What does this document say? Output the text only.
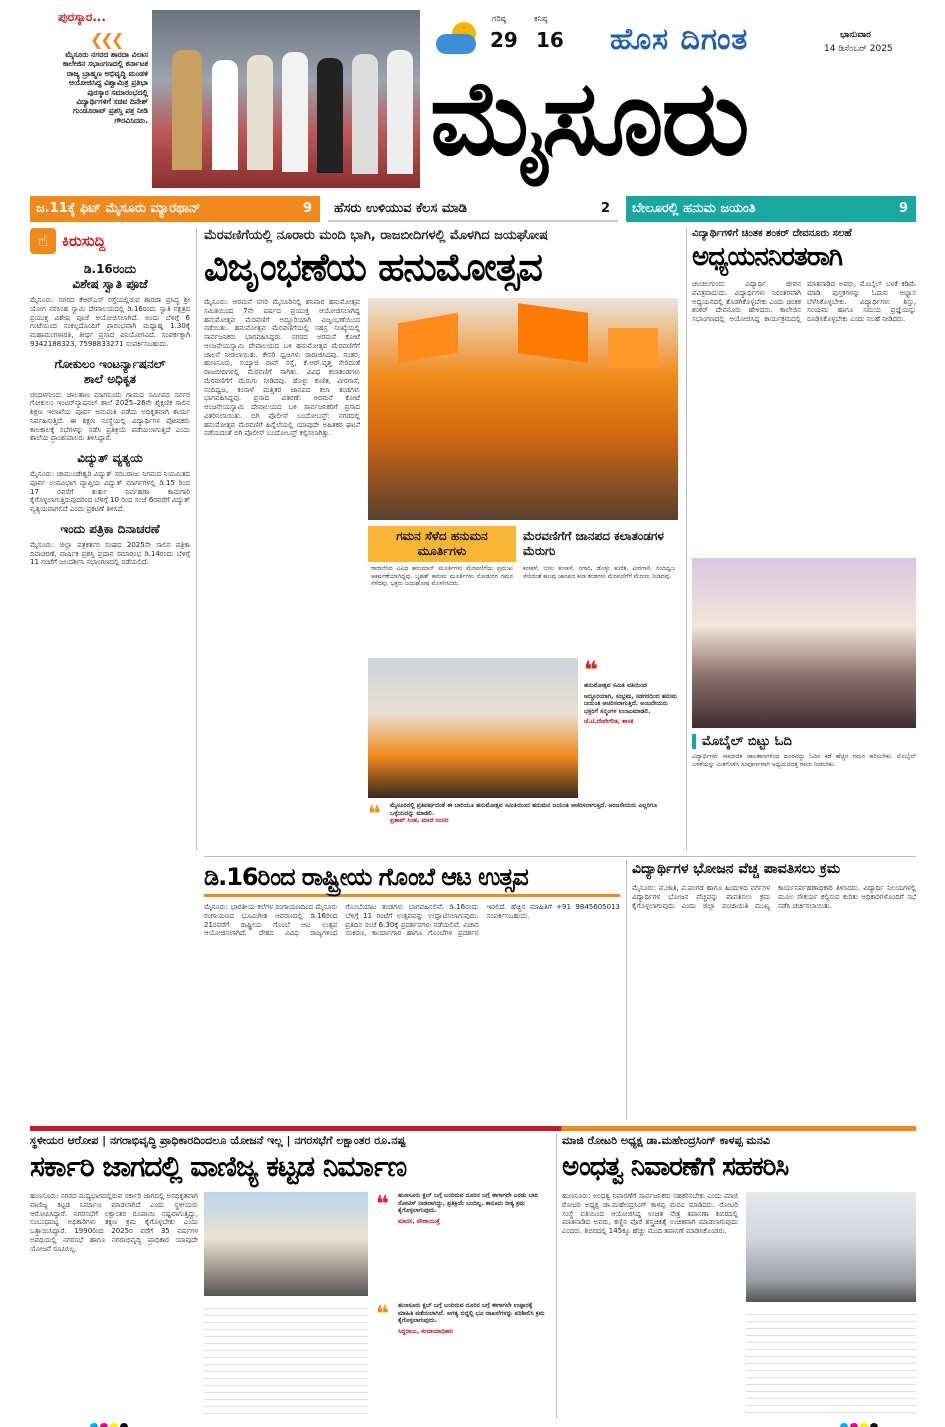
ಪುರಸ್ಕಾರ...
❮❮❮
ಮೈಸೂರು ನಗರದ ಶಾರದಾ ವಿಲಾಸ ಕಾಲೇಜಿನ ಸಭಾಂಗಣದಲ್ಲಿ ಕರ್ನಾಟಕ ರಾಜ್ಯ ಬ್ರಾಹ್ಮಣ ಅಭಿವೃದ್ಧಿ ಮಂಡಳಿ ಆಯೋಜಿಸಿದ್ದ ವಿಶ್ವಾಮಿತ್ರ ಪ್ರತಿಭಾ ಪುರಸ್ಕಾರ ಸಮಾರಂಭದಲ್ಲಿ ವಿದ್ಯಾರ್ಥಿಗಳಿಗೆ ಸಚಿವ ದಿನೇಶ್ ಗುಂಡೂರಾವ್ ಪ್ರಶಸ್ತಿ ಪತ್ರ ನೀಡಿ ಗೌರವಿಸಿದರು.
ಗರಿಷ್ಠ
29
ಕನಿಷ್ಠ
16 ಹೊಸ ದಿಗಂತ	ಭಾನುವಾರ
14 ಡಿಸೆಂಬರ್ 2025
ಮೈಸೂರು
ಜ.11ಕ್ಕೆ ಫಿಟ್ ಮೈಸೂರು ಮ್ಯಾರಥಾನ್	9	ಹೆಸರು ಉಳಿಯುವ ಕೆಲಸ ಮಾಡಿ	2	ಬೇಲೂರಲ್ಲಿ ಹನುಮ ಜಯಂತಿ	9
☝ ಕಿರುಸುದ್ದಿ
ಡಿ.16ರಂದು
ವಿಶೇಷ ಸ್ವಾತಿ ಪೂಜೆ
ಮೈಸೂರು: ನಗರದ ಕೆಆರ್‌ಎಸ್ ರಸ್ತೆಯಲ್ಲಿರುವ ಶಾರದಾ ಪ್ರಸಿದ್ಧ ಶ್ರೀ ಯೋಗ ನರಸಿಂಹ ಸ್ವಾಮಿ ದೇವಾಲಯದಲ್ಲಿ ಡಿ.16ರಂದು ಸ್ವಾತಿ ನಕ್ಷತ್ರದ ಪ್ರಯುಕ್ತ ವಿಶೇಷ ಪೂಜೆ ಆಯೋಜಿಸಲಾಗಿದೆ. ಅಂದು ಬೆಳಿಗ್ಗೆ 6 ಗಂಟೆಯಿಂದ ಸಂಕಲ್ಪದೊಂದಿಗೆ ಪ್ರಾರಂಭವಾಗಿ ಮಧ್ಯಾಹ್ನ 1.30ಕ್ಕೆ ಮಹಾಮಂಗಳಾರತಿ, ತೀರ್ಥ ಪ್ರಸಾದ ವಿನಿಯೋಗವಿದೆ. ಸಂಪರ್ಕಕ್ಕಾಗಿ 9342188323, 7598833271 ಸಂಪರ್ಕಿಸಬಹುದು.
ಗೋಕುಲಂ ಇಂಟರ್ನ್ಯಾಷನಲ್
ಶಾಲೆ ಅಧಿಕೃತ
ಚಂದಳಗುಂದ: ಜಾಲತಾಣ ಮಾಗನೂರು ಗ್ರಾಮದ ಸಮೀಪದ ಸರ್ವರ ಗೋಕುಲಂ ಇಂಟರ್‌ನ್ಯಾಷನಲ್ ಶಾಲೆ 2025–26ನೇ ಶೈಕ್ಷಣಿಕ ಸಾಲಿನ ಶಿಕ್ಷಣ ಇಲಾಖೆಯ ಪೂರ್ವ ಅನುಮತಿ ಪಡೆದು ಅಧಿಕೃತವಾಗಿ ಕಾರ್ಯ ನಿರ್ವಹಿಸುತ್ತಿದೆ. ಈ ಶಿಕ್ಷಣ ಸಂಸ್ಥೆಯಲ್ಲಿ ವಿದ್ಯಾರ್ಥಿಗಳ ಪೋಷಕರು ಕಾಲಕಾಲಕ್ಕೆ ಸಭೆಗಳನ್ನು ನಡೆಸಿ ಪ್ರತಿಕ್ರಿಯೆ ಪಡೆಯಲಾಗುತ್ತಿದೆ ಎಂದು ಶಾಲೆಯ ಪ್ರಾಂಶುಪಾಲರು ತಿಳಿಸಿದ್ದಾರೆ.
ವಿದ್ಯುತ್ ವ್ಯತ್ಯಯ
ಮೈಸೂರು: ಚಾಮುಂಡೇಶ್ವರಿ ವಿದ್ಯುತ್ ಸರಬರಾಜು ನಿಗಮದ ನಿಯಮಿತದ ಪೂರ್ವ ಉಪವಿಭಾಗ ವ್ಯಾಪ್ತಿಯ ವಿದ್ಯುತ್ ಮಾರ್ಗಗಳಲ್ಲಿ ಡಿ.15 ರಿಂದ 17 ರವರೆಗೆ ತುರ್ತು ನಿರ್ವಹಣಾ ಕಾಮಗಾರಿ ಕೈಗೊಳ್ಳಲಾಗುತ್ತಿರುವುದರಿಂದ ಬೆಳಿಗ್ಗೆ 10 ರಿಂದ ಸಂಜೆ 6ರವರೆಗೆ ವಿದ್ಯುತ್ ವ್ಯತ್ಯಯವಾಗಲಿದೆ ಎಂದು ಪ್ರಕಟಣೆ ತಿಳಿಸಿದೆ.
ಇಂದು ಪತ್ರಿಕಾ ದಿನಾಚರಣೆ
ಮೈಸೂರು: ಜಿಲ್ಲಾ ಪತ್ರಕರ್ತರ ಸಂಘದ 2025ನೇ ಸಾಲಿನ ಪತ್ರಿಕಾ ದಿನಾಚರಣೆ, ವಾರ್ಷಿಕ ಪ್ರಶಸ್ತಿ ಪ್ರದಾನ ಸಮಾರಂಭ ಡಿ.14ರಂದು ಬೆಳಿಗ್ಗೆ 11 ಗಂಟೆಗೆ ಜಲದರ್ಶಿನಿ ಸಭಾಂಗಣದಲ್ಲಿ ನಡೆಯಲಿದೆ.
ಮೆರವಣಿಗೆಯಲ್ಲಿ ನೂರಾರು ಮಂದಿ ಭಾಗಿ, ರಾಜಬೀದಿಗಳಲ್ಲಿ ಮೊಳಗಿದ ಜಯಘೋಷ
ವಿಜೃಂಭಣೆಯ ಹನುಮೋತ್ಸವ
ಮೈಸೂರು: ಅರಮನೆ ನಗರಿ ಮೈಸೂರಿನಲ್ಲಿ ಶನಿವಾರ ಹನುಮೋತ್ಸವ ಸಮಿತಿಯಿಂದ 7ನೇ ವರ್ಷದ ಪ್ರಯುಕ್ತ ಆಯೋಜಿಸಲಾಗಿದ್ದ ಹನುಮೋತ್ಸವ ಮೆರವಣಿಗೆ ಅದ್ದೂರಿಯಾಗಿ ವಿಜೃಂಭಣೆಯಿಂದ ನಡೆಯಿತು. ಹನುಮೋತ್ಸವ ಮೆರವಣಿಗೆಯಲ್ಲಿ ಸಹಸ್ರ ಸಂಖ್ಯೆಯಲ್ಲಿ ಸಾರ್ವಜನಿಕರು ಭಾಗವಹಿಸಿದ್ದರು. ನಗರದ ಅರಮನೆ ಕೋಟೆ ಆಂಜನೇಯಸ್ವಾಮಿ ದೇವಾಲಯದ ಬಳಿ ಹನುಮೋತ್ಸವ ಮೆರವಣಿಗೆಗೆ ಚಾಲನೆ ನೀಡಲಾಯಿತು. ಕೇಸರಿ ಧ್ವಜಗಳು ರಾರಾಜಿಸಿದವು. ನಂತರ, ಹುಣಸೂರು, ಸಯ್ಯಾಜಿ ರಾವ್ ರಸ್ತೆ, ಕೆ.ಆರ್.ವೃತ್ತ ಸೇರಿದಂತೆ ರಾಜಬೀದಿಗಳಲ್ಲಿ ಮೆರವಣಿಗೆ ಸಾಗಿತು. ವಿವಿಧ ಕಲಾತಂಡಗಳು ಮೆರವಣಿಗೆಗೆ ಮೆರುಗು ನೀಡಿದವು. ಡೊಳ್ಳು ಕುಣಿತ, ವೀರಗಾಸೆ, ನಂದಿಧ್ವಜ, ಕಂಸಾಳೆ ಮತ್ತಿತರ ಜಾನಪದ ಕಲಾ ತಂಡಗಳು ಭಾಗವಹಿಸಿದ್ದವು. ಪ್ರಸಾದ ವಿತರಣೆ: ಅರಮನೆ ಕೋಟೆ ಆಂಜನೇಯಸ್ವಾಮಿ ದೇವಾಲಯದ ಬಳಿ ಸಾರ್ವಜನಿಕರಿಗೆ ಪ್ರಸಾದ ವಿತರಿಸಲಾಯಿತು. ಬಿಗಿ ಪೊಲೀಸ್ ಬಂದೋಬಸ್ತ್: ನಗರದಲ್ಲಿ ಹನುಮೋತ್ಸವ ಮೆರವಣಿಗೆ ಹಿನ್ನೆಲೆಯಲ್ಲಿ ಯಾವುದೇ ಅಹಿತಕರ ಘಟನೆ ನಡೆಯದಂತೆ ಬಿಗಿ ಪೊಲೀಸ್ ಬಂದೋಬಸ್ತ್ ಕಲ್ಪಿಸಲಾಗಿತ್ತು.
ಗಮನ ಸೆಳೆದ ಹನುಮನ ಮೂರ್ತಿಗಳು
ರಾರಾಜಿಸಿದ ವಿವಿಧ ಹನುಮಾನ್ ಮೂರ್ತಿಗಳು ಮೆರವಣಿಗೆಯ ಪ್ರಮುಖ ಆಕರ್ಷಣೆಯಾಗಿದ್ದವು. ಬೃಹತ್ ಹನುಮ ಮೂರ್ತಿಗಳು ನೋಡುಗರ ಗಮನ ಸೆಳೆದವು. ಭಕ್ತರು ಜಯಘೋಷ ಮೊಳಗಿಸಿದರು.
ಮೆರವಣಿಗೆಗೆ ಜಾನಪದ ಕಲಾತಂಡಗಳ ಮೆರುಗು
ಕಂಸಾಳೆ, ಬೀಸು ಕಂಸಾಳೆ, ನಗಾರಿ, ಡೊಳ್ಳು ಕುಣಿತ, ವೀರಗಾಸೆ, ನಂದಿಧ್ವಜ ಸೇರಿದಂತೆ ಹಲವು ಜಾನಪದ ಕಲಾ ತಂಡಗಳು ಮೆರವಣಿಗೆಗೆ ಮೆರುಗು ನೀಡಿದವು.
❝
ಹನುಮೋತ್ಸವ ಸಮಿತಿ ವತಿಯಿಂದ
ಅದ್ದೂರಿಯಾಗಿ, ಸಂಭ್ರಮ, ಸಡಗರದಿಂದ ಹನುಮ ಜಯಂತಿ ಆಚರಿಸಲಾಗುತ್ತಿದೆ. ಅಂಜನೇಯನು ಭಕ್ತರಿಗೆ ಸನ್ಮಂಗಳ ಉಂಟುಮಾಡಲಿ.
ಜೆ.ಟಿ.ದೇವೇಗೌಡ, ಶಾಸಕ
❝ ಮೈಸೂರಿನಲ್ಲಿ ಪ್ರತಿವರ್ಷದಂತೆ ಈ ಬಾರಿಯೂ ಹನುಮೋತ್ಸವ ಸಮಿತಿಯಿಂದ ಹನುಮನ ಜಯಂತಿ ಆಚರಿಸಲಾಗುತ್ತಿದೆ. ಅಂಜನೇಯನು ಎಲ್ಲರಿಗೂ ಒಳ್ಳೆಯದನ್ನು ಮಾಡಲಿ.
ಪ್ರತಾಪ್ ಸಿಂಹ, ಮಾಜಿ ಸಂಸದ
ವಿದ್ಯಾರ್ಥಿಗಳಿಗೆ ಚಿಂತಕ ಶಂಕರ್ ದೇವನೂರು ಸಲಹೆ
ಅಧ್ಯಯನನಿರತರಾಗಿ
ಚಂಚಲಗುಂದ: ವಿದ್ಯಾರ್ಥಿ ಜೀವನ ಪವಿತ್ರವಾದುದು. ವಿದ್ಯಾರ್ಥಿಗಳು ನಿರಂತರವಾಗಿ ಅಧ್ಯಯನದಲ್ಲಿ ತೊಡಗಿಕೊಳ್ಳಬೇಕು ಎಂದು ಚಿಂತಕ ಶಂಕರ್ ದೇವನೂರು ಹೇಳಿದರು. ಕಾಲೇಜಿನ ಸಭಾಂಗಣದಲ್ಲಿ ಆಯೋಜಿಸಿದ್ದ ಕಾರ್ಯಕ್ರಮದಲ್ಲಿ ಮಾತನಾಡಿದ ಅವರು, ಮೊಬೈಲ್ ಬಳಕೆ ಕಡಿಮೆ ಮಾಡಿ ಪುಸ್ತಕಗಳನ್ನು ಓದುವ ಅಭ್ಯಾಸ ಬೆಳೆಸಿಕೊಳ್ಳಬೇಕು. ವಿದ್ಯಾರ್ಥಿಗಳು ಶಿಸ್ತು, ಸಂಯಮ ಹಾಗೂ ಸಮಯ ಪ್ರಜ್ಞೆಯನ್ನು ರೂಢಿಸಿಕೊಳ್ಳಬೇಕು ಎಂದು ಸಲಹೆ ನೀಡಿದರು.
ಮೊಬೈಲ್ ಬಿಟ್ಟು ಓದಿ
ವಿದ್ಯಾರ್ಥಿಗಳು ಸಾಮಾಜಿಕ ಜಾಲತಾಣಗಳಿಂದ ದೂರವಿದ್ದು ಓದಿನ ಕಡೆ ಹೆಚ್ಚಿನ ಗಮನ ಹರಿಸಬೇಕು. ಮೊಬೈಲ್ ಬಳಕೆಯನ್ನು ಮಿತಗೊಳಿಸಿ ಸಂಪೂರ್ಣವಾಗಿ ಅಧ್ಯಯನದತ್ತ ಗಮನ ನೀಡಬೇಕು.
ಡಿ.16ರಿಂದ ರಾಷ್ಟ್ರೀಯ ಗೊಂಬೆ ಆಟ ಉತ್ಸವ
ಮೈಸೂರು: ಭಾರತೀಯ ಕಲೆಗಳ ರಂಗಾಯಣದಿಂದ ಮೈಸೂರು ರಂಗಾಯಣದ ಭೂಮಿಗೀತ ಆವರಣದಲ್ಲಿ ಡಿ.16ರಿಂದ 21ರವರೆಗೆ ರಾಷ್ಟ್ರೀಯ ಗೊಂಬೆ ಆಟ ಉತ್ಸವ ಆಯೋಜಿಸಲಾಗಿದೆ. ದೇಶದ ವಿವಿಧ ರಾಜ್ಯಗಳಿಂದ ಗೊಂಬೆಯಾಟ ತಂಡಗಳು ಭಾಗವಹಿಸಲಿವೆ. ಡಿ.16ರಂದು ಬೆಳಿಗ್ಗೆ 11 ಗಂಟೆಗೆ ಉತ್ಸವವನ್ನು ಉದ್ಘಾಟಿಸಲಾಗುವುದು. ಪ್ರತಿದಿನ ಸಂಜೆ 6.30ಕ್ಕೆ ಪ್ರದರ್ಶನಗಳು ನಡೆಯಲಿವೆ. ವಿಚಾರ ಸಂಕಿರಣ, ಕಾರ್ಯಾಗಾರ ಹಾಗೂ ಗೊಂಬೆಗಳ ಪ್ರದರ್ಶನ ಇರಲಿದೆ. ಹೆಚ್ಚಿನ ಮಾಹಿತಿಗೆ +91 9845605013 ಸಂಪರ್ಕಿಸಬಹುದು.
ವಿದ್ಯಾರ್ಥಿಗಳ ಭೋಜನ ವೆಚ್ಚ ಪಾವತಿಸಲು ಕ್ರಮ
ಮೈಸೂರು: ಪ.ಜಾತಿ, ಪ.ಪಂಗಡ ಹಾಗೂ ಹಿಂದುಳಿದ ವರ್ಗಗಳ ವಿದ್ಯಾರ್ಥಿಗಳ ಭೋಜನ ವೆಚ್ಚವನ್ನು ಪಾವತಿಸಲು ಕ್ರಮ ಕೈಗೊಳ್ಳಲಾಗುವುದು ಎಂದು ಜಿಲ್ಲಾ ಪಂಚಾಯಿತಿ ಮುಖ್ಯ ಕಾರ್ಯನಿರ್ವಹಣಾಧಿಕಾರಿ ತಿಳಿಸಿದರು. ವಿದ್ಯಾರ್ಥಿ ನಿಲಯಗಳಲ್ಲಿ ಮೂಲ ಸೌಕರ್ಯ ಕಲ್ಪಿಸುವ ಕುರಿತು ಅಧಿಕಾರಿಗಳೊಂದಿಗೆ ಸಭೆ ನಡೆಸಿ ಚರ್ಚಿಸಲಾಯಿತು.
ಸ್ಥಳೀಯರ ಆರೋಪ | ನಗರಾಭಿವೃದ್ಧಿ ಪ್ರಾಧಿಕಾರದಿಂದಲೂ ಯೋಜನೆ ಇಲ್ಲ | ನಗರಸಭೆಗೆ ಲಕ್ಷಾಂತರ ರೂ.ನಷ್ಟ
ಸರ್ಕಾರಿ ಜಾಗದಲ್ಲಿ ವಾಣಿಜ್ಯ ಕಟ್ಟಡ ನಿರ್ಮಾಣ
ಹುಣಸೂರು: ನಗರದ ಮಧ್ಯಭಾಗದಲ್ಲಿರುವ ಸರ್ಕಾರಿ ಜಾಗದಲ್ಲಿ ಅನಧಿಕೃತವಾಗಿ ವಾಣಿಜ್ಯ ಕಟ್ಟಡ ನಿರ್ಮಾಣ ಮಾಡಲಾಗಿದೆ ಎಂದು ಸ್ಥಳೀಯರು ಆರೋಪಿಸಿದ್ದಾರೆ. ನಗರಸಭೆಗೆ ಲಕ್ಷಾಂತರ ರೂಪಾಯಿ ನಷ್ಟವಾಗುತ್ತಿದ್ದು, ಸಂಬಂಧಪಟ್ಟ ಅಧಿಕಾರಿಗಳು ತಕ್ಷಣ ಕ್ರಮ ಕೈಗೊಳ್ಳಬೇಕು ಎಂದು ಒತ್ತಾಯಿಸಿದ್ದಾರೆ. 1990ರಿಂದ 2025ರ ವರೆಗೆ 35 ವರ್ಷಗಳ ಅವಧಿಯಲ್ಲಿ ನಗರಸಭೆ ಹಾಗೂ ನಗರಾಭಿವೃದ್ಧಿ ಪ್ರಾಧಿಕಾರ ಯಾವುದೇ ಯೋಜನೆ ರೂಪಿಸಿಲ್ಲ.
❝ ಹುಣಸೂರು ಕ್ಲಬ್ ಬಗ್ಗೆ ಬಂದಿರುವ ದೂರಿನ ಬಗ್ಗೆ ಈಗಾಗಲೇ ಎರಡು ಬಾರಿ ನೋಟಿಸ್ ನೀಡಲಾಗಿದ್ದು, ಪ್ರತಿಕ್ರಿಯೆ ಬಂದಿಲ್ಲ. ಕಾನೂನು ರೀತ್ಯ ಕ್ರಮ ಕೈಗೊಳ್ಳಲಾಗುವುದು.
ಮಾನಸ, ಪೌರಾಯುಕ್ತೆ
❝ ಹುಣಸೂರು ಕ್ಲಬ್ ಬಗ್ಗೆ ಬಂದಿರುವ ದೂರಿನ ಬಗ್ಗೆ ಈಗಾಗಲೇ ಉಪ್ಪಾರಕ್ಕೆ ಮಾಹಿತಿ ಪಡೆಯಲಾಗಿದೆ. ಅಗತ್ಯ ಬಿದ್ದಲ್ಲಿ ಭೂ ದಾಖಲೆಗಳನ್ನು ಪರಿಶೀಲಿಸಿ ಕ್ರಮ ಕೈಗೊಳ್ಳಲಾಗುವುದು.
ಸಿದ್ದರಾಜು, ಕಂದಾಯಾಧಿಕಾರಿ
ಮಾಜಿ ರೋಟರಿ ಅಧ್ಯಕ್ಷ ಡಾ.ಮಹೇಂದ್ರಸಿಂಗ್ ಕಾಳಪ್ಪ ಮನವಿ
ಅಂಧತ್ವ ನಿವಾರಣೆಗೆ ಸಹಕರಿಸಿ
ಹುಣಸೂರು: ಅಂಧತ್ವ ನಿವಾರಣೆಗೆ ಸಾರ್ವಜನಿಕರು ಸಹಕರಿಸಬೇಕು ಎಂದು ಮಾಜಿ ರೋಟರಿ ಅಧ್ಯಕ್ಷ ಡಾ.ಮಹೇಂದ್ರಸಿಂಗ್ ಕಾಳಪ್ಪ ಮನವಿ ಮಾಡಿದರು. ರೋಟರಿ ಸಂಸ್ಥೆ ವತಿಯಿಂದ ಆಯೋಜಿಸಿದ್ದ ಉಚಿತ ನೇತ್ರ ತಪಾಸಣಾ ಶಿಬಿರದಲ್ಲಿ ಮಾತನಾಡಿದ ಅವರು, ಕಣ್ಣಿನ ಪೊರೆ ಶಸ್ತ್ರಚಿಕಿತ್ಸೆ ಉಚಿತವಾಗಿ ಮಾಡಲಾಗುವುದು ಎಂದರು. ಶಿಬಿರದಲ್ಲಿ 145ಕ್ಕೂ ಹೆಚ್ಚು ಮಂದಿ ತಪಾಸಣೆ ಮಾಡಿಸಿಕೊಂಡರು.
